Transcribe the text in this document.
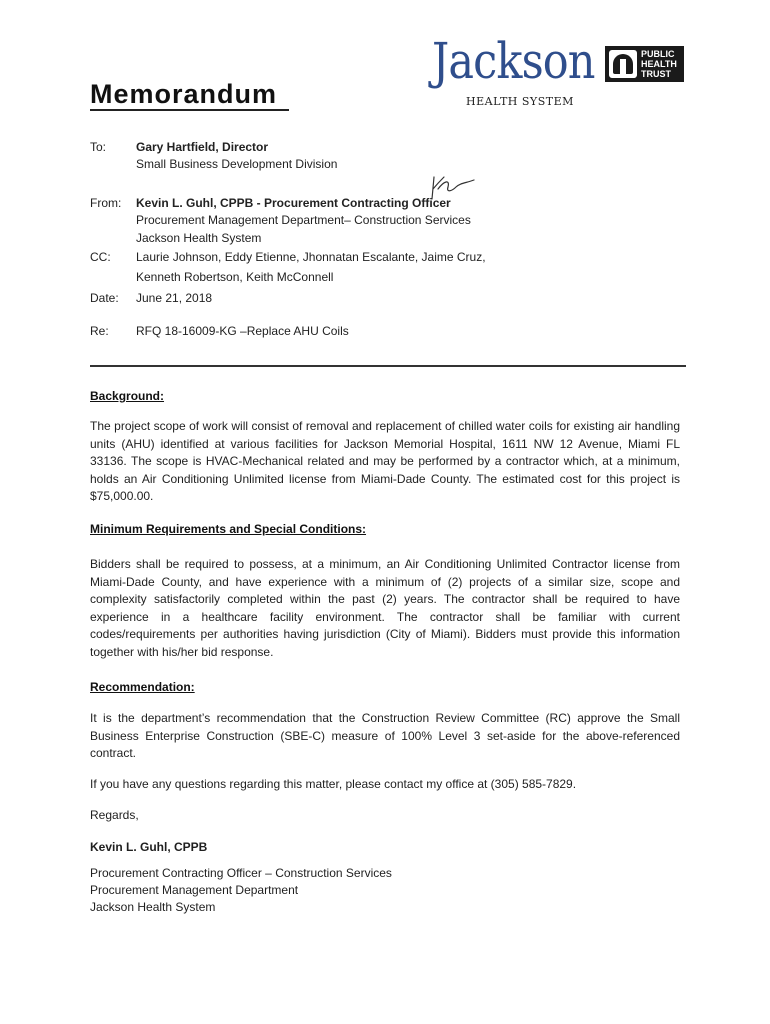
Memorandum
Jackson
HEALTH SYSTEM
PUBLIC
HEALTH
TRUST
To: Gary Hartfield, Director
Small Business Development Division
From: Kevin L. Guhl, CPPB - Procurement Contracting Officer
Procurement Management Department– Construction Services
Jackson Health System
CC: Laurie Johnson, Eddy Etienne, Jhonnatan Escalante, Jaime Cruz,
Kenneth Robertson, Keith McConnell
Date: June 21, 2018
Re: RFQ 18-16009-KG –Replace AHU Coils
Background:
The project scope of work will consist of removal and replacement of chilled water coils for existing air handling units (AHU) identified at various facilities for Jackson Memorial Hospital, 1611 NW 12 Avenue, Miami FL 33136. The scope is HVAC-Mechanical related and may be performed by a contractor which, at a minimum, holds an Air Conditioning Unlimited license from Miami-Dade County. The estimated cost for this project is $75,000.00.
Minimum Requirements and Special Conditions:
Bidders shall be required to possess, at a minimum, an Air Conditioning Unlimited Contractor license from Miami-Dade County, and have experience with a minimum of (2) projects of a similar size, scope and complexity satisfactorily completed within the past (2) years. The contractor shall be required to have experience in a healthcare facility environment. The contractor shall be familiar with current codes/requirements per authorities having jurisdiction (City of Miami). Bidders must provide this information together with his/her bid response.
Recommendation:
It is the department’s recommendation that the Construction Review Committee (RC) approve the Small Business Enterprise Construction (SBE-C) measure of 100% Level 3 set-aside for the above-referenced contract.
If you have any questions regarding this matter, please contact my office at (305) 585-7829.
Regards,
Kevin L. Guhl, CPPB
Procurement Contracting Officer – Construction Services
Procurement Management Department
Jackson Health System
